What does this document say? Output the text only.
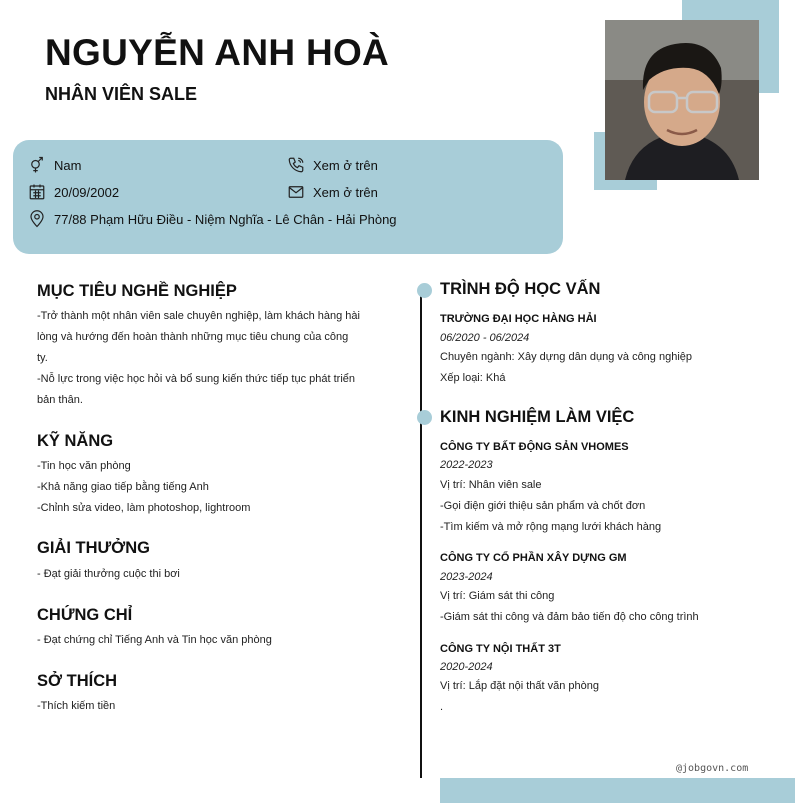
NGUYỄN ANH HOÀ
NHÂN VIÊN SALE
Nam
20/09/2002
77/88 Phạm Hữu Điều - Niệm Nghĩa - Lê Chân - Hải Phòng
Xem ở trên
Xem ở trên
MỤC TIÊU NGHỀ NGHIỆP
-Trở thành một nhân viên sale chuyên nghiệp, làm khách hàng hài
lòng và hướng đến hoàn thành những mục tiêu chung của công
ty.
-Nỗ lực trong việc học hỏi và bổ sung kiến thức tiếp tục phát triển
bản thân.
KỸ NĂNG
-Tin học văn phòng
-Khả năng giao tiếp bằng tiếng Anh
-Chỉnh sửa video, làm photoshop, lightroom
GIẢI THƯỞNG
- Đạt giải thưởng cuộc thi bơi
CHỨNG CHỈ
- Đạt chứng chỉ Tiếng Anh và Tin học văn phòng
SỞ THÍCH
-Thích kiếm tiền
TRÌNH ĐỘ HỌC VẤN
TRƯỜNG ĐẠI HỌC HÀNG HẢI
06/2020 - 06/2024
Chuyên ngành: Xây dựng dân dụng và công nghiệp
Xếp loại: Khá
KINH NGHIỆM LÀM VIỆC
CÔNG TY BẤT ĐỘNG SẢN VHOMES
2022-2023
Vị trí: Nhân viên sale
-Gọi điện giới thiệu sản phẩm và chốt đơn
-Tìm kiếm và mở rộng mạng lưới khách hàng
CÔNG TY CỔ PHẦN XÂY DỰNG GM
2023-2024
Vị trí: Giám sát thi công
-Giám sát thi công và đảm bảo tiến độ cho công trình
CÔNG TY NỘI THẤT 3T
2020-2024
Vị trí: Lắp đặt nội thất văn phòng
.
@jobgovn.com
